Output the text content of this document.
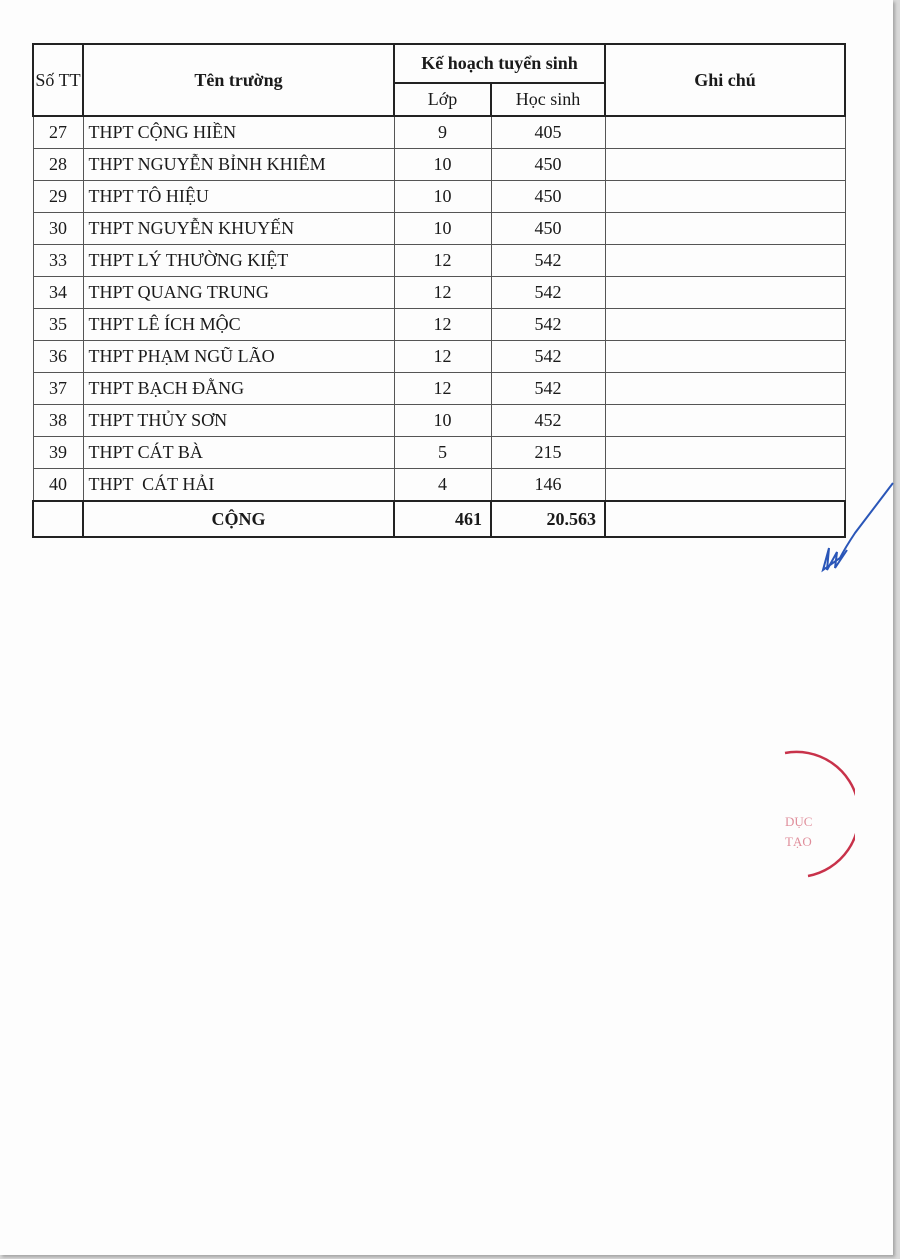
Số TT	Tên trường	Kế hoạch tuyển sinh		Ghi chú
		Lớp	Học sinh	
27	THPT CỘNG HIỀN	9	405	
28	THPT NGUYỄN BỈNH KHIÊM	10	450	
29	THPT TÔ HIỆU	10	450	
30	THPT NGUYỄN KHUYẾN	10	450	
33	THPT LÝ THƯỜNG KIỆT	12	542	
34	THPT QUANG TRUNG	12	542	
35	THPT LÊ ÍCH MỘC	12	542	
36	THPT PHẠM NGŨ LÃO	12	542	
37	THPT BẠCH ĐẰNG	12	542	
38	THPT THỦY SƠN	10	452	
39	THPT CÁT BÀ	5	215	
40	THPT  CÁT HẢI	4	146	
	CỘNG	461	20.563	
DỤC
TẠO
